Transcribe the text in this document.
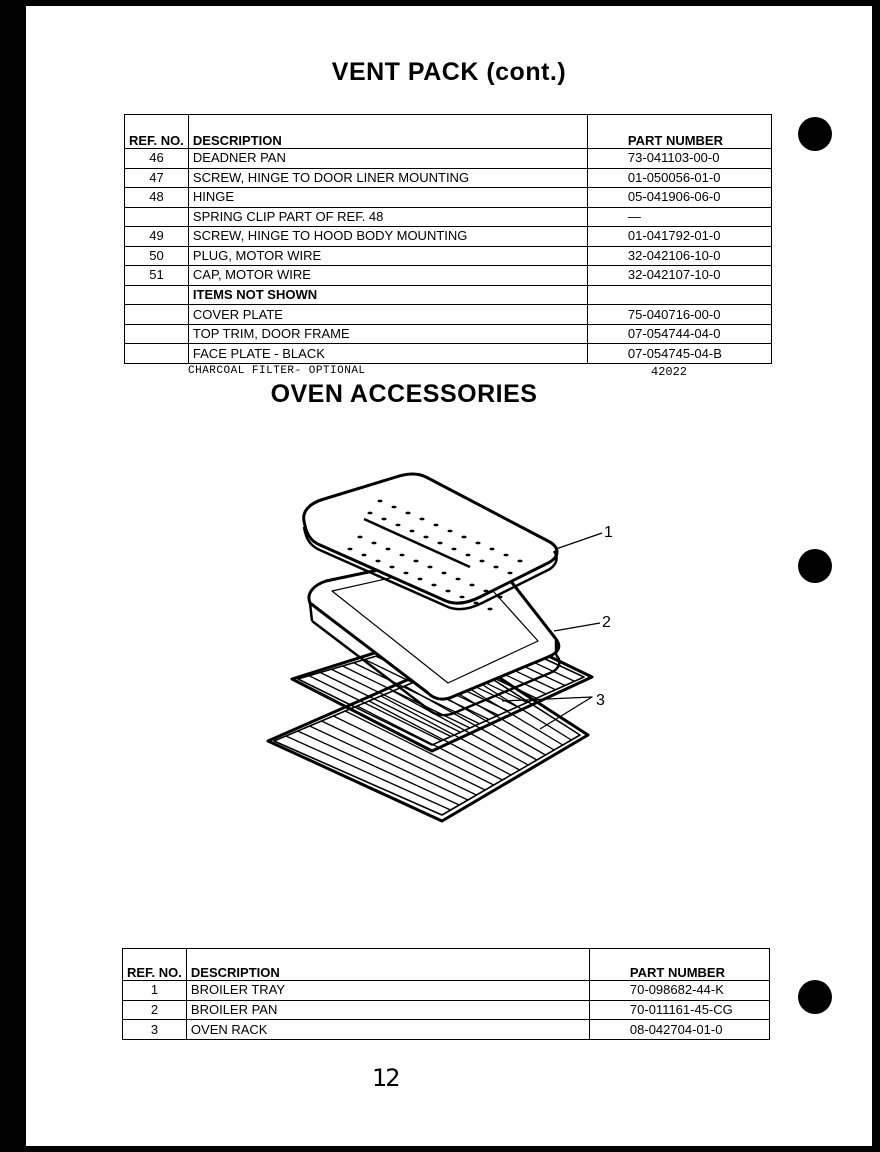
VENT PACK (cont.)
REF. NO.	DESCRIPTION	PART NUMBER
46	DEADNER PAN	73-041103-00-0
47	SCREW, HINGE TO DOOR LINER MOUNTING	01-050056-01-0
48	HINGE	05-041906-06-0
	SPRING CLIP PART OF REF. 48	—
49	SCREW, HINGE TO HOOD BODY MOUNTING	01-041792-01-0
50	PLUG, MOTOR WIRE	32-042106-10-0
51	CAP, MOTOR WIRE	32-042107-10-0
	ITEMS NOT SHOWN	
	COVER PLATE	75-040716-00-0
	TOP TRIM, DOOR FRAME	07-054744-04-0
	FACE PLATE - BLACK	07-054745-04-B
CHARCOAL FILTER- OPTIONAL	42022
OVEN ACCESSORIES
1
2
3
REF. NO.	DESCRIPTION	PART NUMBER
1	BROILER TRAY	70-098682-44-K
2	BROILER PAN	70-011161-45-CG
3	OVEN RACK	08-042704-01-0
12
